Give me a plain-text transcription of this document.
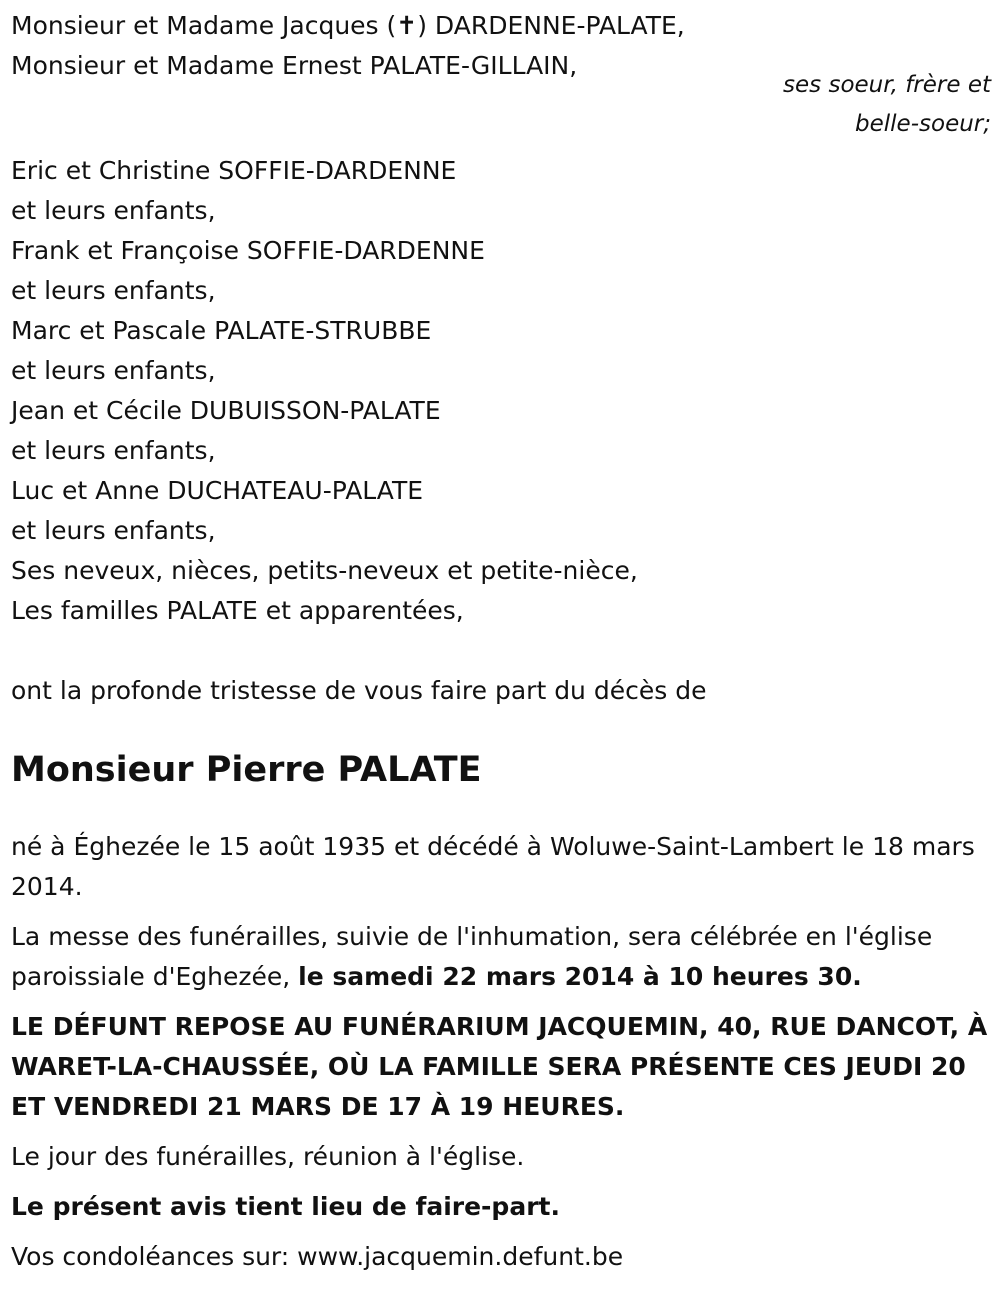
Monsieur et Madame Jacques (✝) DARDENNE-PALATE,
Monsieur et Madame Ernest PALATE-GILLAIN,
ses soeur, frère et
belle-soeur;
Eric et Christine SOFFIE-DARDENNE
et leurs enfants,
Frank et Françoise SOFFIE-DARDENNE
et leurs enfants,
Marc et Pascale PALATE-STRUBBE
et leurs enfants,
Jean et Cécile DUBUISSON-PALATE
et leurs enfants,
Luc et Anne DUCHATEAU-PALATE
et leurs enfants,
Ses neveux, nièces, petits-neveux et petite-nièce,
Les familles PALATE et apparentées,
ont la profonde tristesse de vous faire part du décès de
Monsieur Pierre PALATE
né à Éghezée le 15 août 1935 et décédé à Woluwe-Saint-Lambert le 18 mars 2014.
La messe des funérailles, suivie de l'inhumation, sera célébrée en l'église paroissiale d'Eghezée, le samedi 22 mars 2014 à 10 heures 30.
LE DÉFUNT REPOSE AU FUNÉRARIUM JACQUEMIN, 40, RUE DANCOT, À WARET-LA-CHAUSSÉE, OÙ LA FAMILLE SERA PRÉSENTE CES JEUDI 20 ET VENDREDI 21 MARS DE 17 À 19 HEURES.
Le jour des funérailles, réunion à l'église.
Le présent avis tient lieu de faire-part.
Vos condoléances sur: www.jacquemin.defunt.be
